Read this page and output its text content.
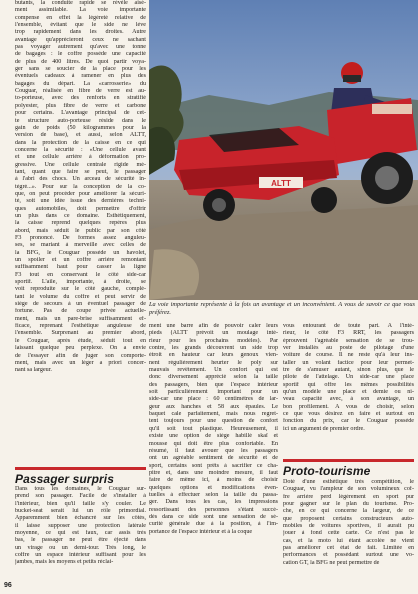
butants, la conduite rapide se révèle aisé-
ment assimilable. La voie importante
compense en effet la légèreté relative de
l'ensemble, évitant que le side ne lève
trop rapidement dans les droites. Autre
avantage qu'apprécieront ceux ne sachant
pas voyager autrement qu'avec une tonne
de bagages : le coffre possède une capacité
de plus de 400 litres. De quoi partir voya-
ger sans se soucier de la place pour les
éventuels cadeaux à ramener en plus des
bagages du départ. La «carrosserie» du
Couguar, réalisée en fibre de verre est au-
to-porteuse, avec des renforts en stratifié
polyester, plus fibre de verre et carbone
pour certains. L'avantage principal de cet-
te structure auto-porteuse réside dans le
gain de poids (50 kilogrammes pour la
version de base), et aussi, selon ALTT,
dans la protection de la caisse en ce qui
concerne la sécurité : «Une cellule avant
et une cellule arrière à déformation pro-
gressive. Une cellule centrale rigide mé-
tant, quant que faire se peut, le passager
à l'abri des chocs. Un arceau de sécurité in-
tégré...». Pour sur la conception de la co-
que, on peut procéder pour améliorer la sécuri-
té, soit une idée issue des dernières techni-
ques automobiles, doit permettre d'offrir
un plus dans ce domaine. Esthétiquement,
la caisse reprend quelques repères plus
abord, mais séduit le public par son côté
F3 prononcé. De formes assez anguleu-
ses, se mariant à merveille avec celles de
la BFG, le Couguar possède un havolet,
un spoiler et un coffre arrière remontant
suffisamment haut pour casser la ligne
F3 tout en conservant le côté side-car
sportif. L'aile, importante, à droite, se
voit reproduite sur le côté gauche, complé-
tant le volume du coffre et peut servir de
siège de secours à un éventuel passager de
fortune. Pas de coupe privée actuelle-
ment, mais un pare-brise suffisamment ef-
ficace, reprenant l'esthétique anguleuse de
l'ensemble. Surprenant au premier abord,
le Couguar, après étude, séduit tout en
laissant quelque peu perplexe. On a envie
de l'essayer afin de juger son comporte-
ment, mais avec un léger a priori concer-
nant sa largeur.
Passager surpris
Dans tous les domaines, le Couguar sur-
prend son passager. Facile de s'installer à
l'intérieur, bien qu'il faille s'y couler. Le
bucket-seat serait lui un rôle primordial.
Apparemment bien échancré sur les côtés,
il laisse supposer une protection latérale
moyenne, ce qui est faux, car assis très
bas, le passager ne peut être éjecté dans
un virage ou un demi-tour. Très long, le
coffre un espace intérieur suffisant pour les
jambes, mais les moyens et petits réclai-
ALTT
La voie importante représente à la fois un avantage et un inconvénient. A vous de savoir ce que vous préférez.
ment une barre afin de pouvoir caler leurs
pieds (ALTT prévoit un moulage inté-
rieur pour les prochains modèles). Par
contre, les grands découvrent un side trop
étroit en hauteur car leurs genoux vien-
nent régulièrement heurter le poly sur
mauvais revêtement. Un confort qui est
donc diversement apprécié selon la taille
des passagers, bien que l'espace intérieur
soit particulièrement important pour un
side-car une place : 60 centimètres de lar-
geur aux hanches et 58 aux épaules. Le
baquet cale parfaitement, mais nous regret-
tent toujours pour une question de confort
qu'il soit tout plastique. Heureusement, il
existe une option de siège habillé skaï et
mousse qui doit être plus confortable. En
résumé, il faut avouer que les passagers
ont un agréable sentiment de sécurité et de
sport, certains sont prêts à sacrifier ce cha-
pitre et, dans une moindre mesure, il faut
faire de même ici, à moins de choisir
quelques options et modifications éven-
tuelles à effectuer selon la taille du passa-
ger. Dans tous les cas, les impressions
ressortissant des personnes s'étant succé-
dés dans ce side sont une sensation de sé-
curité générale due à la position, à l'im-
portance de l'espace intérieur et à la coque
vous entourant de toute part. A l'inté-
rieur, le côté F3 RRT, les passagers
éprouvent l'agréable sensation de se trou-
ver installés au poste de pilotage d'une
voiture de course. Il ne reste qu'à leur ins-
taller un volant factice pour leur permet-
tre de s'amuser autant, sinon plus, que le
pilote de l'attelage. Un side-car une place
sportif qui offre les mêmes possibilités
qu'un modèle une place et demie ou ni-
veau capacité avec, à son avantage, un
bon profilement. A vous de choisir, selon
ce que vous désirez en faire et surtout en
fonction du prix, car le Couguar possède
ici un argument de premier ordre.
Proto-tourisme
Doté d'une esthétique très compétition, le
Couguar, vu l'ampleur de son volumineux cof-
fre arrière perd légèrement en sport pur
pour gagner sur le plan du tourisme. Pro-
che, en ce qui concerne la largeur, de ce
que proposent certains constructeurs auto-
mobiles de voitures sportives, il aurait pu
jouer à fond cette carte. Ce n'est pas le
cas, et la moto lui étant accolée ne vient
pas améliorer cet état de fait. Limitée en
performances et possédant surtout une vo-
cation GT, la BFG ne peut permettre de
96
